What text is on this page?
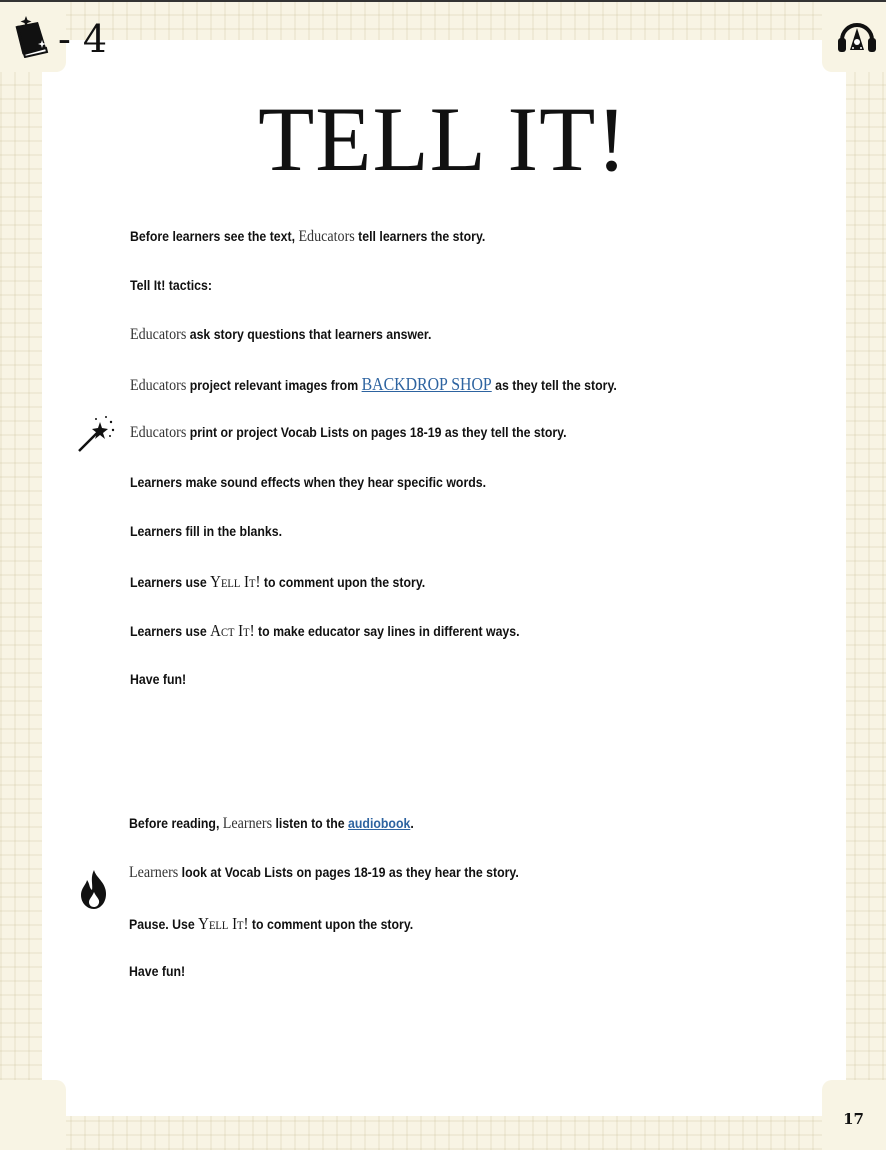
- 4
TELL IT!
Before learners see the text, Educators tell learners the story.
Tell It! tactics:
Educators ask story questions that learners answer.
Educators project relevant images from BACKDROP SHOP as they tell the story.
Educators print or project Vocab Lists on pages 18-19 as they tell the story.
Learners make sound effects when they hear specific words.
Learners fill in the blanks.
Learners use Yell It! to comment upon the story.
Learners use Act It! to make educator say lines in different ways.
Have fun!
Before reading, Learners listen to the audiobook.
Learners look at Vocab Lists on pages 18-19 as they hear the story.
Pause. Use Yell It! to comment upon the story.
Have fun!
17
